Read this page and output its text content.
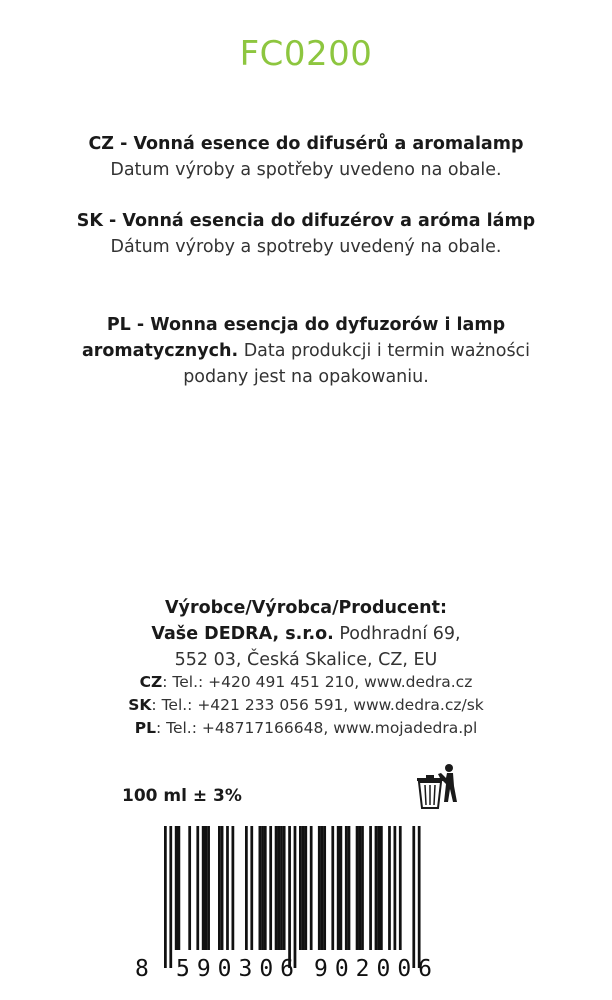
FC0200
CZ - Vonná esence do difusérů a aromalamp
Datum výroby a spotřeby uvedeno na obale.
SK - Vonná esencia do difuzérov a aróma lámp
Dátum výroby a spotreby uvedený na obale.
PL - Wonna esencja do dyfuzorów i lamp
aromatycznych. Data produkcji i termin ważności
podany jest na opakowaniu.
Výrobce/Výrobca/Producent:
Vaše DEDRA, s.r.o. Podhradní 69,
552 03, Česká Skalice, CZ, EU
CZ: Tel.: +420 491 451 210, www.dedra.cz
SK: Tel.: +421 233 056 591, www.dedra.cz/sk
PL: Tel.: +48717166648, www.mojadedra.pl
100 ml ± 3%
8 590306 902006
